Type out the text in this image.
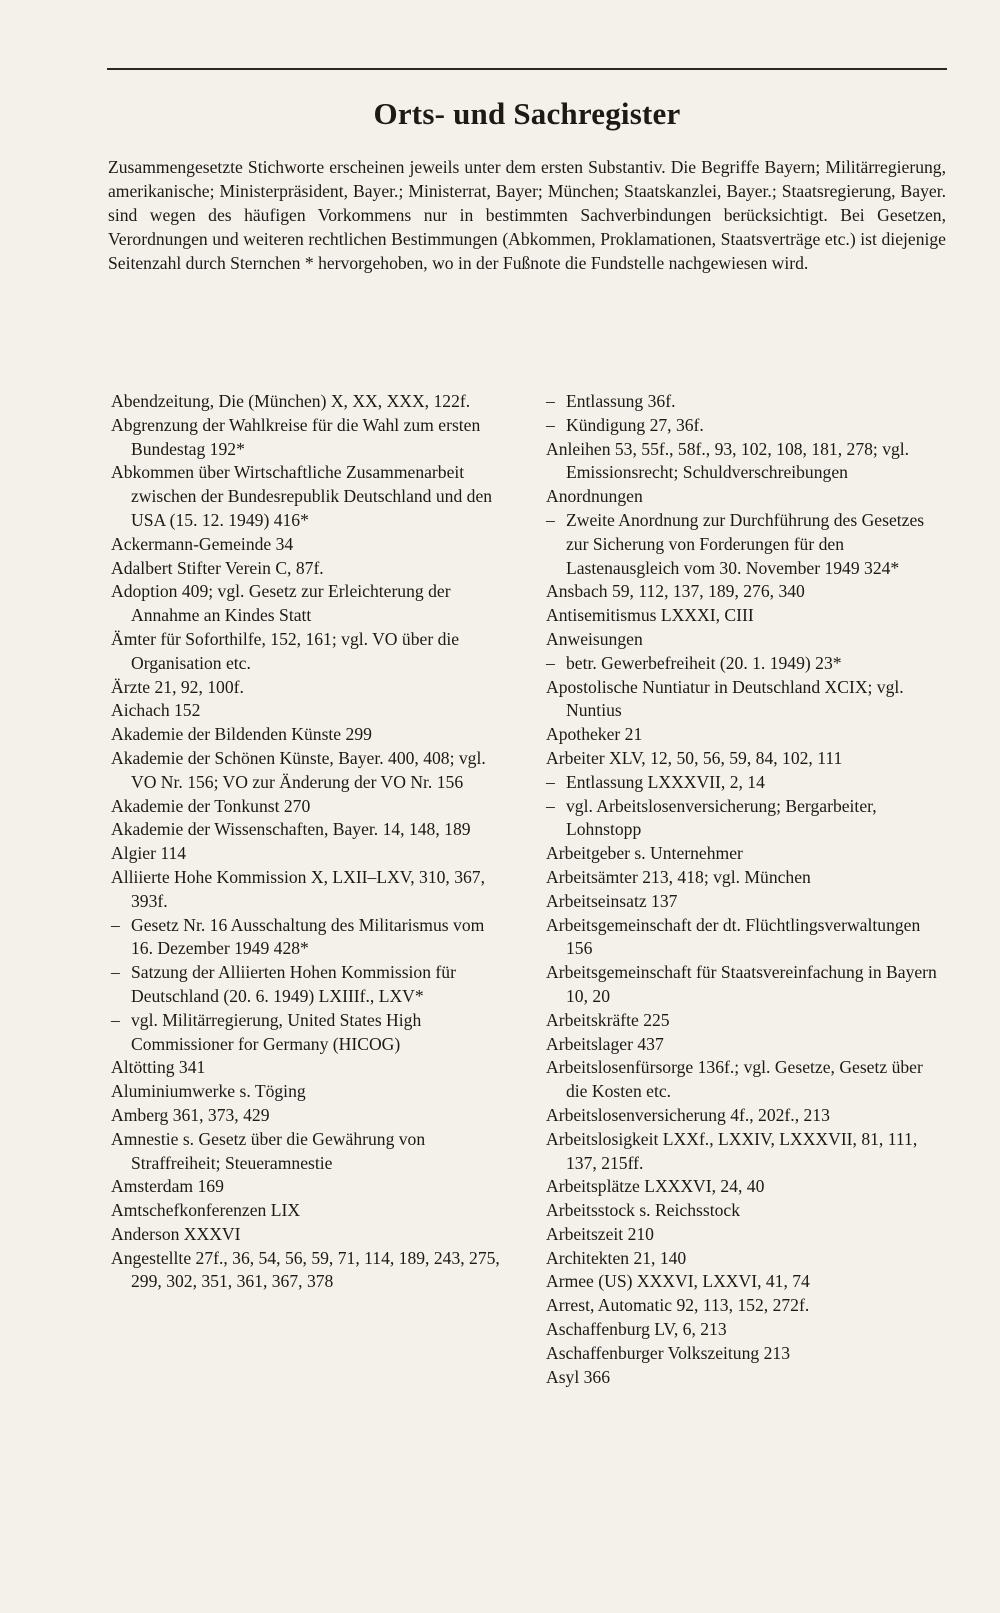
Orts- und Sachregister

Zusammengesetzte Stichworte erscheinen jeweils unter dem ersten Substantiv. Die Begriffe Bayern; Militärregierung, amerikanische; Ministerpräsident, Bayer.; Ministerrat, Bayer; München; Staatskanzlei, Bayer.; Staatsregierung, Bayer. sind wegen des häufigen Vorkommens nur in bestimmten Sachverbindungen berücksichtigt. Bei Gesetzen, Verordnungen und weiteren rechtlichen Bestimmungen (Abkommen, Proklamationen, Staatsverträge etc.) ist diejenige Seitenzahl durch Sternchen * hervorgehoben, wo in der Fußnote die Fundstelle nachgewiesen wird.

Abendzeitung, Die (München) X, XX, XXX, 122f.
Abgrenzung der Wahlkreise für die Wahl zum ersten Bundestag 192*
Abkommen über Wirtschaftliche Zusammenarbeit zwischen der Bundesrepublik Deutschland und den USA (15. 12. 1949) 416*
Ackermann-Gemeinde 34
Adalbert Stifter Verein C, 87f.
Adoption 409; vgl. Gesetz zur Erleichterung der Annahme an Kindes Statt
Ämter für Soforthilfe, 152, 161; vgl. VO über die Organisation etc.
Ärzte 21, 92, 100f.
Aichach 152
Akademie der Bildenden Künste 299
Akademie der Schönen Künste, Bayer. 400, 408; vgl. VO Nr. 156; VO zur Änderung der VO Nr. 156
Akademie der Tonkunst 270
Akademie der Wissenschaften, Bayer. 14, 148, 189
Algier 114
Alliierte Hohe Kommission X, LXII–LXV, 310, 367, 393f.
– Gesetz Nr. 16 Ausschaltung des Militarismus vom 16. Dezember 1949 428*
– Satzung der Alliierten Hohen Kommission für Deutschland (20. 6. 1949) LXIIIf., LXV*
– vgl. Militärregierung, United States High Commissioner for Germany (HICOG)
Altötting 341
Aluminiumwerke s. Töging
Amberg 361, 373, 429
Amnestie s. Gesetz über die Gewährung von Straffreiheit; Steueramnestie
Amsterdam 169
Amtschefkonferenzen LIX
Anderson XXXVI
Angestellte 27f., 36, 54, 56, 59, 71, 114, 189, 243, 275, 299, 302, 351, 361, 367, 378
– Entlassung 36f.
– Kündigung 27, 36f.
Anleihen 53, 55f., 58f., 93, 102, 108, 181, 278; vgl. Emissionsrecht; Schuldverschreibungen
Anordnungen
– Zweite Anordnung zur Durchführung des Gesetzes zur Sicherung von Forderungen für den Lastenausgleich vom 30. November 1949 324*
Ansbach 59, 112, 137, 189, 276, 340
Antisemitismus LXXXI, CIII
Anweisungen
– betr. Gewerbefreiheit (20. 1. 1949) 23*
Apostolische Nuntiatur in Deutschland XCIX; vgl. Nuntius
Apotheker 21
Arbeiter XLV, 12, 50, 56, 59, 84, 102, 111
– Entlassung LXXXVII, 2, 14
– vgl. Arbeitslosenversicherung; Bergarbeiter, Lohnstopp
Arbeitgeber s. Unternehmer
Arbeitsämter 213, 418; vgl. München
Arbeitseinsatz 137
Arbeitsgemeinschaft der dt. Flüchtlingsverwaltungen 156
Arbeitsgemeinschaft für Staatsvereinfachung in Bayern 10, 20
Arbeitskräfte 225
Arbeitslager 437
Arbeitslosenfürsorge 136f.; vgl. Gesetze, Gesetz über die Kosten etc.
Arbeitslosenversicherung 4f., 202f., 213
Arbeitslosigkeit LXXf., LXXIV, LXXXVII, 81, 111, 137, 215ff.
Arbeitsplätze LXXXVI, 24, 40
Arbeitsstock s. Reichsstock
Arbeitszeit 210
Architekten 21, 140
Armee (US) XXXVI, LXXVI, 41, 74
Arrest, Automatic 92, 113, 152, 272f.
Aschaffenburg LV, 6, 213
Aschaffenburger Volkszeitung 213
Asyl 366
